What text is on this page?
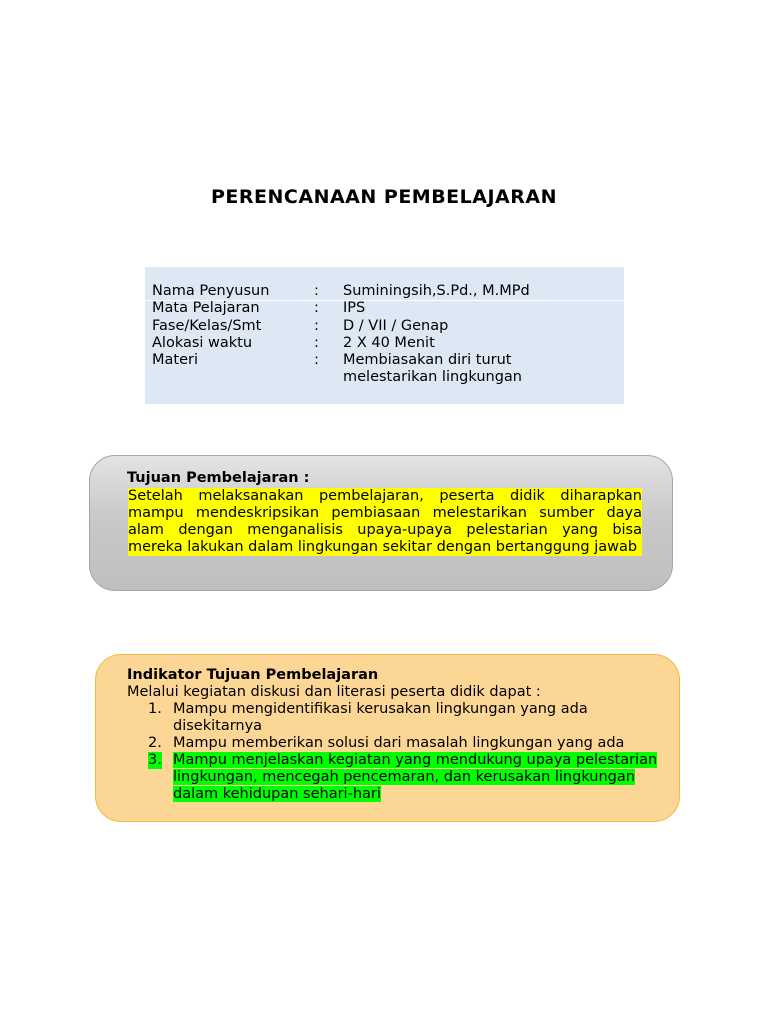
PERENCANAAN PEMBELAJARAN
Nama Penyusun	: Suminingsih,S.Pd., M.MPd
Mata Pelajaran	: IPS
Fase/Kelas/Smt	: D / VII / Genap
Alokasi waktu	: 2 X 40 Menit
Materi	: Membiasakan diri turut
melestarikan lingkungan
Tujuan Pembelajaran :
Setelah melaksanakan pembelajaran, peserta didik diharapkan mampu mendeskripsikan pembiasaan melestarikan sumber daya alam dengan menganalisis upaya-upaya pelestarian yang bisa mereka lakukan dalam lingkungan sekitar dengan bertanggung jawab
Indikator Tujuan Pembelajaran
Melalui kegiatan diskusi dan literasi peserta didik dapat :
1. Mampu mengidentifikasi kerusakan lingkungan yang ada disekitarnya
2. Mampu memberikan solusi dari masalah lingkungan yang ada
3. Mampu menjelaskan kegiatan yang mendukung upaya pelestarian lingkungan, mencegah pencemaran, dan kerusakan lingkungan dalam kehidupan sehari-hari
